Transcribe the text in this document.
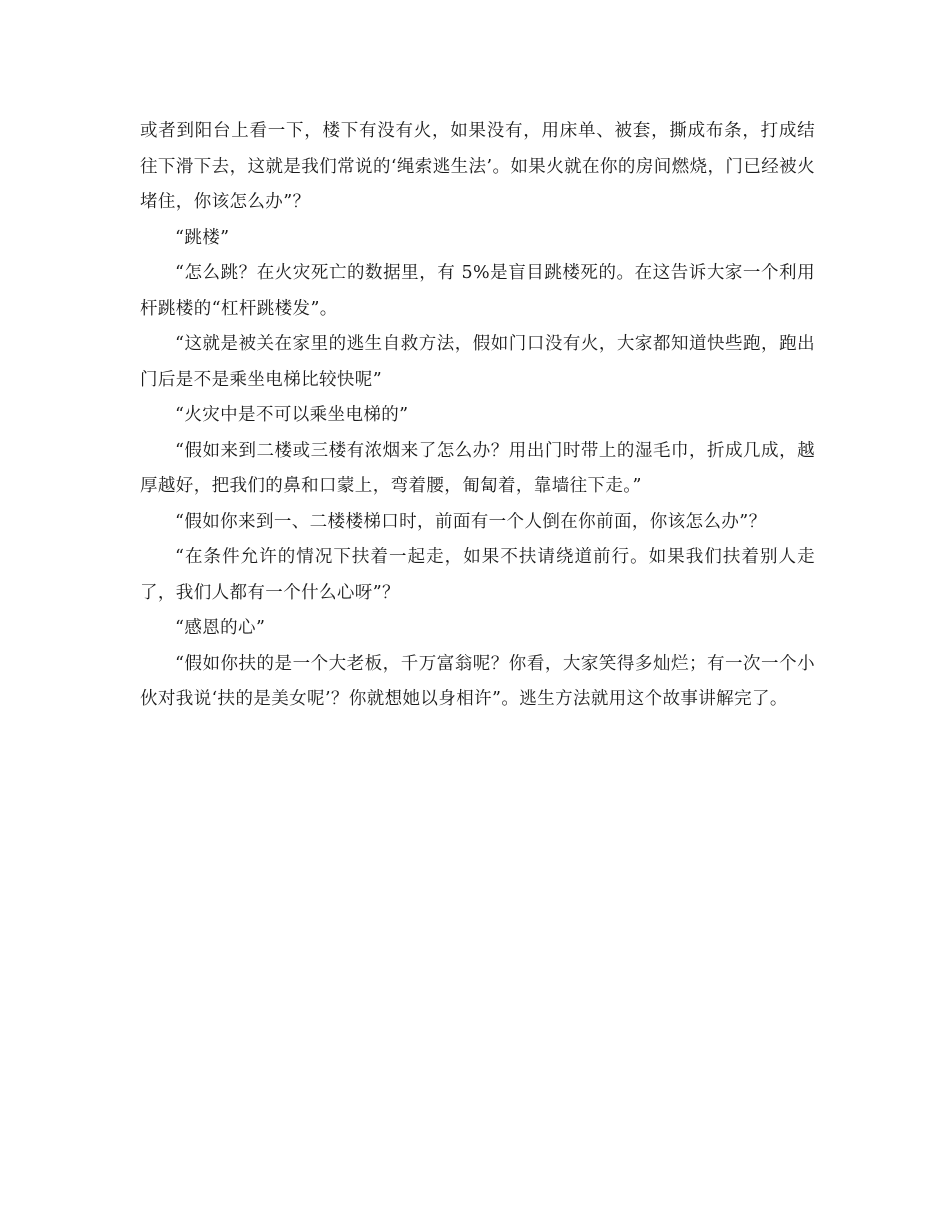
或者到阳台上看一下，楼下有没有火，如果没有，用床单、被套，撕成布条，打成结往下滑下去，这就是我们常说的‘绳索逃生法’。如果火就在你的房间燃烧，门已经被火堵住，你该怎么办”？

“跳楼”

“怎么跳？在火灾死亡的数据里，有 5%是盲目跳楼死的。在这告诉大家一个利用杆跳楼的“杠杆跳楼发”。

“这就是被关在家里的逃生自救方法，假如门口没有火，大家都知道快些跑，跑出门后是不是乘坐电梯比较快呢”

“火灾中是不可以乘坐电梯的”

“假如来到二楼或三楼有浓烟来了怎么办？用出门时带上的湿毛巾，折成几成，越厚越好，把我们的鼻和口蒙上，弯着腰，匍匐着，靠墙往下走。”

“假如你来到一、二楼楼梯口时，前面有一个人倒在你前面，你该怎么办”？

“在条件允许的情况下扶着一起走，如果不扶请绕道前行。如果我们扶着别人走了，我们人都有一个什么心呀”？

“感恩的心”

“假如你扶的是一个大老板，千万富翁呢？你看，大家笑得多灿烂；有一次一个小伙对我说‘扶的是美女呢’？你就想她以身相许”。逃生方法就用这个故事讲解完了。
